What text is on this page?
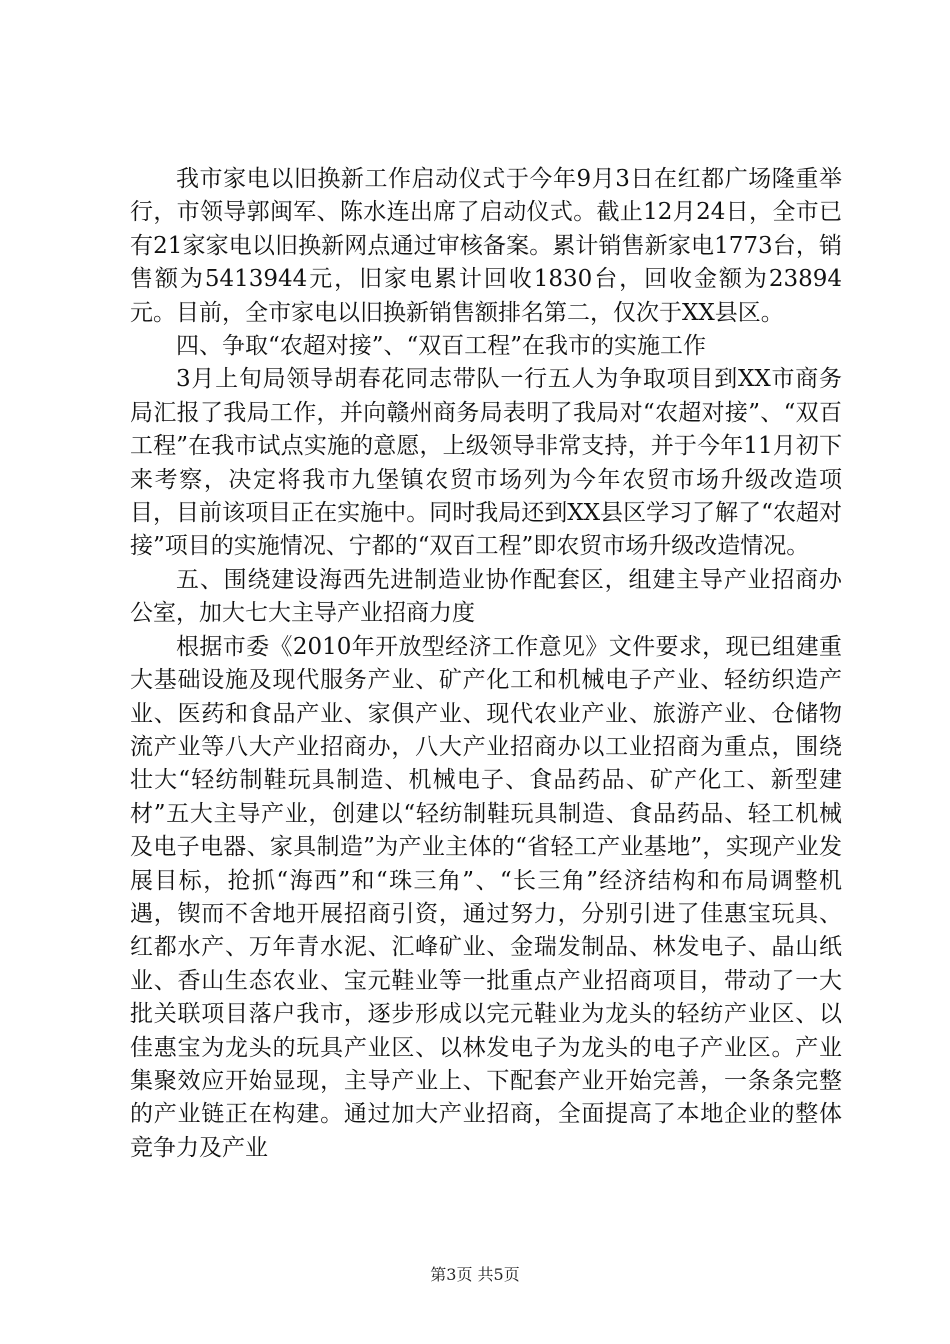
我市家电以旧换新工作启动仪式于今年9月3日在红都广场隆重举行，市领导郭闽军、陈水连出席了启动仪式。截止12月24日，全市已有21家家电以旧换新网点通过审核备案。累计销售新家电1773台，销售额为5413944元，旧家电累计回收1830台，回收金额为23894元。目前，全市家电以旧换新销售额排名第二，仅次于XX县区。

四、争取“农超对接”、“双百工程”在我市的实施工作

3月上旬局领导胡春花同志带队一行五人为争取项目到XX市商务局汇报了我局工作，并向赣州商务局表明了我局对“农超对接”、“双百工程”在我市试点实施的意愿，上级领导非常支持，并于今年11月初下来考察，决定将我市九堡镇农贸市场列为今年农贸市场升级改造项目，目前该项目正在实施中。同时我局还到XX县区学习了解了“农超对接”项目的实施情况、宁都的“双百工程”即农贸市场升级改造情况。

五、围绕建设海西先进制造业协作配套区，组建主导产业招商办公室，加大七大主导产业招商力度

根据市委《2010年开放型经济工作意见》文件要求，现已组建重大基础设施及现代服务产业、矿产化工和机械电子产业、轻纺织造产业、医药和食品产业、家俱产业、现代农业产业、旅游产业、仓储物流产业等八大产业招商办，八大产业招商办以工业招商为重点，围绕壮大“轻纺制鞋玩具制造、机械电子、食品药品、矿产化工、新型建材”五大主导产业，创建以“轻纺制鞋玩具制造、食品药品、轻工机械及电子电器、家具制造”为产业主体的“省轻工产业基地”，实现产业发展目标，抢抓“海西”和“珠三角”、“长三角”经济结构和布局调整机遇，锲而不舍地开展招商引资，通过努力，分别引进了佳惠宝玩具、红都水产、万年青水泥、汇峰矿业、金瑞发制品、林发电子、晶山纸业、香山生态农业、宝元鞋业等一批重点产业招商项目，带动了一大批关联项目落户我市，逐步形成以完元鞋业为龙头的轻纺产业区、以佳惠宝为龙头的玩具产业区、以林发电子为龙头的电子产业区。产业集聚效应开始显现，主导产业上、下配套产业开始完善，一条条完整的产业链正在构建。通过加大产业招商，全面提高了本地企业的整体竞争力及产业

第3页 共5页
